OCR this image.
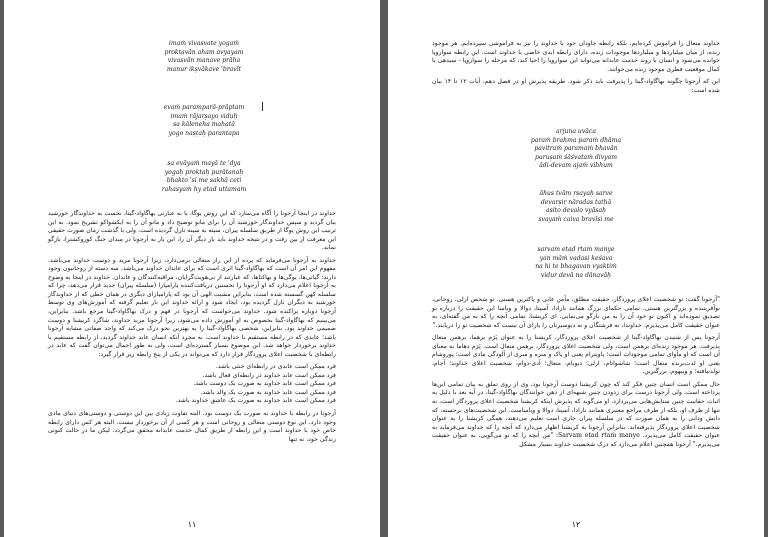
imaṁ vivasvate yogaṁ
proktavān aham avyayam
vivasvān manave prāha
manur ikṣvākave 'bravīt
evaṁ paramparā-prāptam
imaṁ rājarṣayo viduḥ
sa kāleneha mahatā
yogo naṣṭaḥ parantapa
sa evāyaṁ mayā te 'dya
yogaḥ proktaḥ purātanaḥ
bhakto 'si me sakhā ceti
rahasyaṁ hy etad uttamam

خداوند در اینجا آرجونا را آگاه می‌سازد که این روش یوگا، یا به عبارتی بهاگاواد-گیتا، نخست به خداوندگار خورشید بیان گردید و سپس خداوندگار خورشید آن را برای مانو توضیح داد و مانو آن را به ایکشواکو تشریح نمود. به این ترتیب این روش یوگا از طریق سلسله پیران، سینه به سینه نازل گردیده است. ولی با گذشت زمان صورت حقیقی این معرفت از بین رفت و در نتیجه خداوند باید بار دیگر آن را، این بار به آرجونا در میدان جنگ کوروکشترا، بازگو نماید.

خداوند به آرجونا می‌فرماید که پرده از این راز متعالی برمی‌دارد، زیرا آرجونا مرید و دوست خداوند می‌باشد. مفهوم این امر آن است که بهاگاواد-گیتا اثری است که برای عابدان خداوند می‌باشد. سه دسته از روحانیون وجود دارند: گیانی‌ها، یوگی‌ها و بهاکتاها، که عبارتند از بی‌هویت‌گرایان، مراقبه‌کنندگان و عابدان. خداوند در اینجا به وضوح به آرجونا اعلام می‌دارد که او آرجونا را نخستین دریافت‌کننده پارامپارا (سلسله پیران) جدید قرار می‌دهد، چرا که سلسله کهن گسسته شده است. بنابراین مشیت الهی آن بود که پارامپارای دیگری در همان خطی که از خداوندگار خورشید به دیگران نازل گردیده بود، ایجاد شود و ارائه خداوند این بار تعلیم گرفته که آموزش‌های وی توسط آرجونا دوباره پراکنده شود. خداوند می‌خواست که آرجونا در فهم و درک بهاگاواد-گیتا مرجع باشد. بنابراین، می‌بینیم که بهاگاواد-گیتا بخصوص به او آموزش داده می‌شود، زیرا آرجونا مرید خداوند، شاگرد کریشنا و دوست صمیمی خداوند بود. بنابراین، شخصی بهاگاواد-گیتا را به بهترین نحو درک می‌کند که واجد صفاتی مشابه آرجونا باشد؛ عابدی که در رابطه مستقیم با خداوند است. به مجرد آنکه انسان عابد خداوند گردید، از رابطه مستقیم با خداوند برخوردار خواهد شد. این موضوع بسیار گسترده‌ای است، ولی به طور اجمال می‌توان گفت که عابد در رابطه‌ای با شخصیت اعلای پروردگار قرار دارد که می‌تواند در یکی از پنج رابطه زیر قرار گیرد:

فرد ممکن است عابدی در رابطه‌ای خنثی باشد.

فرد ممکن است عابد خداوند در رابطه‌ای فعال باشد.

فرد ممکن است عابد خداوند به صورت یک دوست باشد.

فرد ممکن است عابد خداوند به صورت یک والد باشد.

فرد ممکن است عابد خداوند به صورت یک عاشق خداوند باشد.

آرجونا در رابطه با خداوند به صورت یک دوست بود. البته تفاوت زیادی بین این دوستی و دوستی‌های دنیای مادی وجود دارد. این نوع دوستی متعالی و روحانی است و هر کسی از آن برخوردار نیست. البته هر کس دارای رابطه خاص خود با خداوند است و این رابطه از طریق کمال خدمت عابدانه محقق می‌گردد. لیکن ما در حالت کنونی زندگی خود، نه تنها

۱۱

خداوند متعال را فراموش کرده‌ایم، بلکه رابطه جاودان خود با خداوند را نیز به فراموشی سپرده‌ایم. هر موجود زنده، از میان میلیاردها و میلیاردها موجودات زنده، دارای رابطه ابدی خاصی با خداوند است. این رابطه سواروپا خوانده می‌شود و انسان با روند خدمت عابدانه می‌تواند این سواروپا را احیا کند، که مرحله را سواروپا - سیدهی یا کمال موقعیت فطری موجود زنده می‌خوانند.

این که آرجونا چگونه بهاگاواد-گیتا را پذیرفت باید ذکر شود. طریقه پذیرش او در فصل دهم، آیات ۱۲ تا ۱۴ بیان شده است:

arjuna uvāca
paraṁ brahma paraṁ dhāma
pavitraṁ paramaṁ bhavān
puruṣaṁ śāśvataṁ divyam
ādi-devam ajaṁ vibhum
āhus tvām ṛṣayaḥ sarve
devarṣir nāradas tathā
asito devalo vyāsaḥ
svayaṁ caiva bravīṣi me
sarvam etad ṛtaṁ manye
yan māṁ vadasi keśava
na hi te bhagavan vyaktiṁ
vidur devā na dānavāḥ

"آرجونا گفت: تو شخصیت اعلای پروردگار، حقیقت مطلق، مأمن غایی و پاکترین هستی. تو شخص ازلی، روحانی، نوآفریننده و بزرگترین هستی. تمامی حکمای بزرگ همانند نارادا، آسیتا، دوالا و ویاسا این حقیقت را درباره تو تصدیق نموده‌اند و اکنون تو خود آن را به من بازگو می‌نمایی. ای کریشنا، تمامی آنچه را که به من گفته‌ای، به عنوان حقیقت کامل می‌پذیرم. خداوندا، نه فرشتگان و نه دیوسیرتان را یارای آن نیست که شخصیت تو را دریابند."

آرجونا پس از شنیدن بهاگاواد-گیتا از شخصیت اعلای پروردگار، کریشنا را به عنوان پَرَم برهما، برهمن متعال پذیرفت. هر موجود زنده‌ای برهمن است، ولی شخصیت اعلای پروردگار، برهمن متعال است. پَرَم دهاما به معنای آن است که او مأوای تمامی موجودات است؛ پاویترام یعنی او پاک و منزه و مبری از آلودگی مادی است؛ پوروشام یعنی او لذت‌برنده متعال است؛ شاشواتام، ازلی؛ دیویام، متعال؛ آدی-دوام، شخصیت اعلای خداوند؛ آجام، تولدنیافته؛ و ویبهوم، بزرگترین.

حال ممکن است انسان چنین فکر کند که چون کریشنا دوست آرجونا بود، وی از روی تملق به بیان تمامی این‌ها پرداخته است. ولی آرجونا درست برای زدودن چنین شبهه‌ای از ذهن خوانندگان بهاگاواد-گیتا، در آیه بعد با دلیل به اثبات حقانیت چنین ستایش‌هایی می‌پردازد. او می‌گوید که پذیرش اینکه کریشنا شخصیت اعلای پروردگار است، نه تنها از طرف او، بلکه از طرف مراجع معتبری همانند نارادا، آسیتا، دوالا و ویاساست. این شخصیت‌های برجسته، که دانش ودایی را به همان صورت که در سلسله پیران جاری است تعلیم می‌دهند، همگی کریشنا را به عنوان شخصیت اعلای پروردگار پذیرفته‌اند. بنابراین آرجونا به کریشنا اظهار می‌دارد که آنچه را که خداوند می‌فرماید به عنوان حقیقت کامل می‌پذیرد. Sarvam etad ṛtaṁ manye: "من آنچه را که تو می‌گویی، به عنوان حقیقت می‌پذیرم." آرجونا همچنین اعلام می‌دارد که درک شخصیت خداوند بسیار مشکل

۱۲
